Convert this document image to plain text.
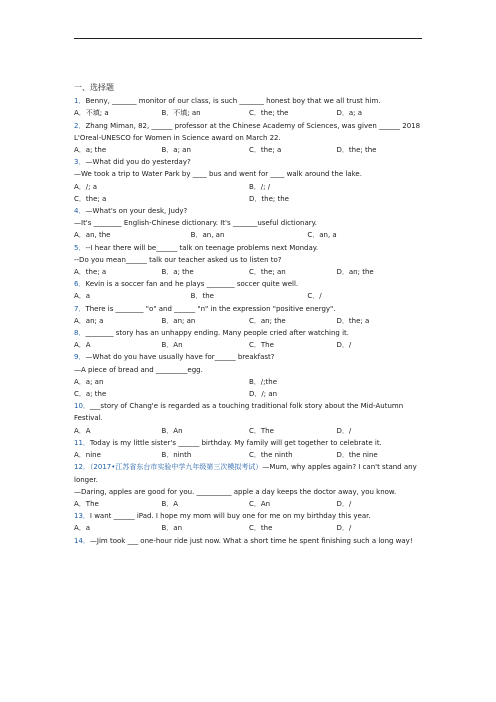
一、选择题
1．Benny, _______ monitor of our class, is such _______ honest boy that we all trust him.
A．不填; a	B．不填; an	C．the; the	D．a; a
2．Zhang Miman, 82, ______ professor at the Chinese Academy of Sciences, was given ______ 2018 L'Oreal-UNESCO for Women in Science award on March 22.
A．a; the	B．a; an	C．the; a	D．the; the
3．—What did you do yesterday?
—We took a trip to Water Park by ____ bus and went for ____ walk around the lake.
A．/; a	B．/; /
C．the; a	D．the; the
4．—What's on your desk, Judy?
—It's ________ English-Chinese dictionary. It's _______useful dictionary.
A．an, the	B．an, an	C．an, a
5．--I hear there will be______ talk on teenage problems next Monday.
--Do you mean______ talk our teacher asked us to listen to?
A．the; a	B．a; the	C．the; an	D．an; the
6．Kevin is a soccer fan and he plays ________ soccer quite well.
A．a	B．the	C．/
7．There is ________ "o" and ______ "n" in the expression "positive energy".
A．an; a	B．an; an	C．an; the	D．the; a
8．________ story has an unhappy ending. Many people cried after watching it.
A．A	B．An	C．The	D．/
9．—What do you have usually have for______ breakfast?
—A piece of bread and _________egg.
A．a; an	B．/;the
C．a; the	D．/; an
10．___story of Chang'e is regarded as a touching traditional folk story about the Mid-Autumn Festival.
A．A	B．An	C．The	D．/
11．Today is my little sister's ______ birthday. My family will get together to celebrate it.
A．nine	B．ninth	C．the ninth	D．the nine
12．（2017•江苏省东台市实验中学九年级第三次模拟考试）—Mum, why apples again? I can't stand any longer.
—Daring, apples are good for you. __________ apple a day keeps the doctor away, you know.
A．The	B．A	C．An	D．/
13．I want ______ iPad. I hope my mom will buy one for me on my birthday this year.
A．a	B．an	C．the	D．/
14．—Jim took ___ one-hour ride just now. What a short time he spent finishing such a long way!
